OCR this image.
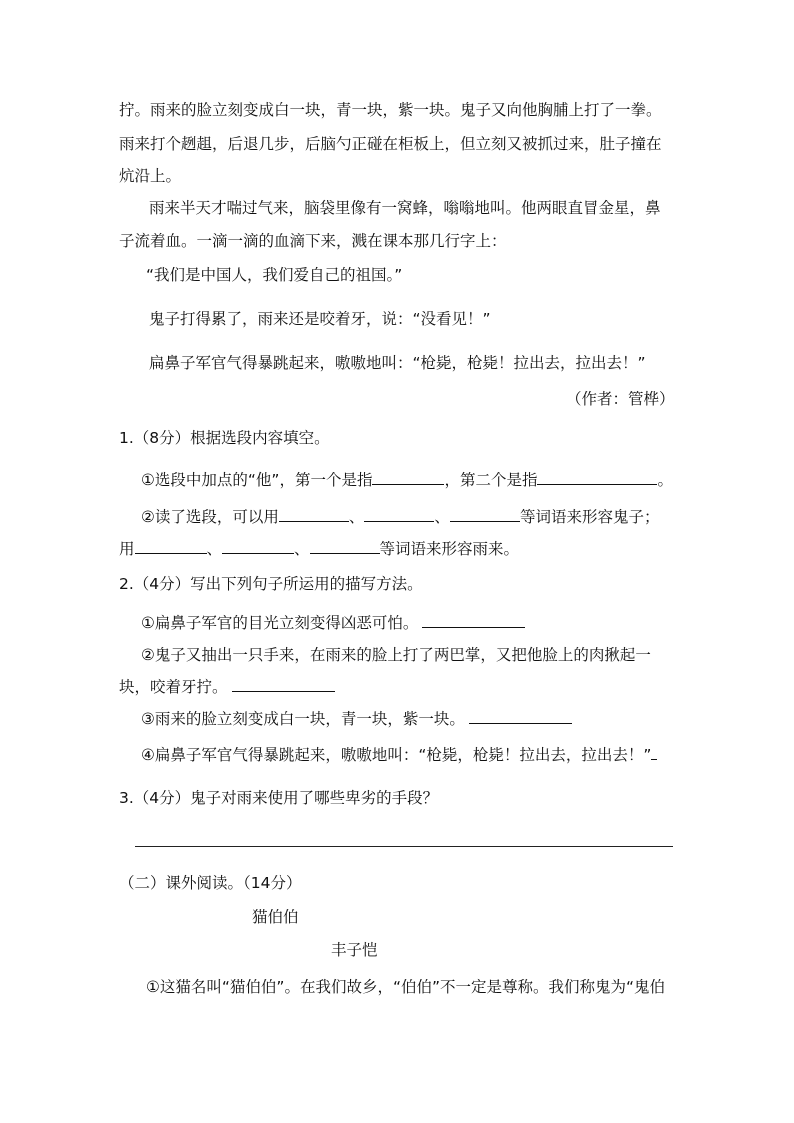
拧。雨来的脸立刻变成白一块，青一块，紫一块。鬼子又向他胸脯上打了一拳。
雨来打个趔趄，后退几步，后脑勺正碰在柜板上，但立刻又被抓过来，肚子撞在
炕沿上。
雨来半天才喘过气来，脑袋里像有一窝蜂，嗡嗡地叫。他两眼直冒金星，鼻
子流着血。一滴一滴的血滴下来，溅在课本那几行字上：
“我们是中国人，我们爱自己的祖国。”
鬼子打得累了，雨来还是咬着牙，说：“没看见！”
扁鼻子军官气得暴跳起来，嗷嗷地叫：“枪毙，枪毙！拉出去，拉出去！”
（作者：管桦）
1.（8分）根据选段内容填空。
①选段中加点的“他”，第一个是指	，第二个是指	。
②读了选段，可以用	、	、	等词语来形容鬼子；
用	、	、	等词语来形容雨来。
2.（4分）写出下列句子所运用的描写方法。
①扁鼻子军官的目光立刻变得凶恶可怕。
②鬼子又抽出一只手来，在雨来的脸上打了两巴掌，又把他脸上的肉揪起一
块，咬着牙拧。
③雨来的脸立刻变成白一块，青一块，紫一块。
④扁鼻子军官气得暴跳起来，嗷嗷地叫：“枪毙，枪毙！拉出去，拉出去！”
3.（4分）鬼子对雨来使用了哪些卑劣的手段？
（二）课外阅读。（14分）
猫伯伯
丰子恺
①这猫名叫“猫伯伯”。在我们故乡，“伯伯”不一定是尊称。我们称鬼为“鬼伯
